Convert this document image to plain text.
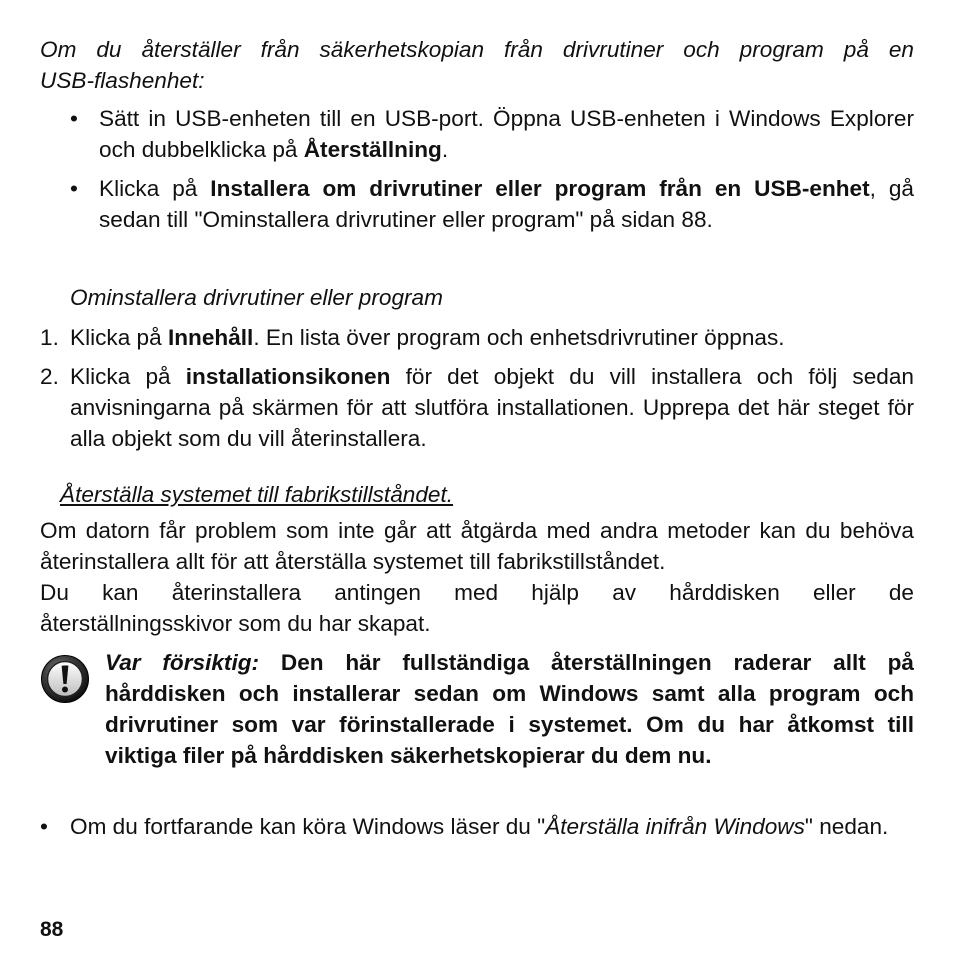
Om du återställer från säkerhetskopian från drivrutiner och program på en
USB-flashenhet:
• Sätt in USB-enheten till en USB-port. Öppna USB-enheten i Windows Explorer och dubbelklicka på Återställning.
• Klicka på Installera om drivrutiner eller program från en USB-enhet, gå sedan till "Ominstallera drivrutiner eller program" på sidan 88.
Ominstallera drivrutiner eller program
1. Klicka på Innehåll. En lista över program och enhetsdrivrutiner öppnas.
2. Klicka på installationsikonen för det objekt du vill installera och följ sedan anvisningarna på skärmen för att slutföra installationen. Upprepa det här steget för alla objekt som du vill återinstallera.
Återställa systemet till fabrikstillståndet.
Om datorn får problem som inte går att åtgärda med andra metoder kan du behöva återinstallera allt för att återställa systemet till fabrikstillståndet.
Du kan återinstallera antingen med hjälp av hårddisken eller de
återställningsskivor som du har skapat.
Var försiktig: Den här fullständiga återställningen raderar allt på hårddisken och installerar sedan om Windows samt alla program och drivrutiner som var förinstallerade i systemet. Om du har åtkomst till viktiga filer på hårddisken säkerhetskopierar du dem nu.
• Om du fortfarande kan köra Windows läser du "Återställa inifrån Windows" nedan.
88
